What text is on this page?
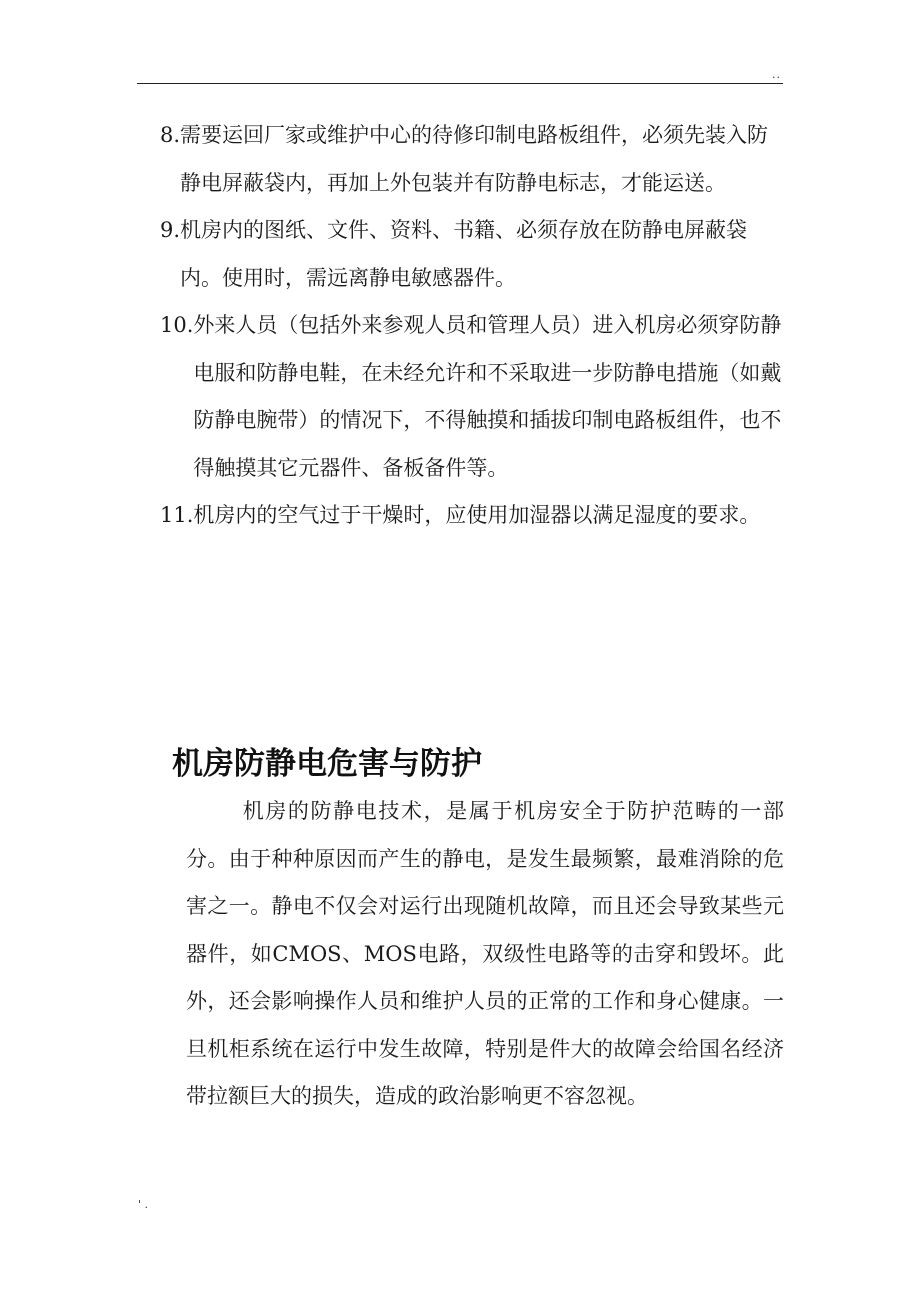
..
8. 需要运回厂家或维护中心的待修印制电路板组件，必须先装入防静电屏蔽袋内，再加上外包装并有防静电标志，才能运送。
9. 机房内的图纸、文件、资料、书籍、必须存放在防静电屏蔽袋内。使用时，需远离静电敏感器件。
10. 外来人员（包括外来参观人员和管理人员）进入机房必须穿防静电服和防静电鞋，在未经允许和不采取进一步防静电措施（如戴防静电腕带）的情况下，不得触摸和插拔印制电路板组件，也不得触摸其它元器件、备板备件等。
11. 机房内的空气过于干燥时，应使用加湿器以满足湿度的要求。
机房防静电危害与防护

机房的防静电技术，是属于机房安全于防护范畴的一部分。由于种种原因而产生的静电，是发生最频繁，最难消除的危害之一。静电不仅会对运行出现随机故障，而且还会导致某些元器件，如CMOS、MOS电路，双级性电路等的击穿和毁坏。此外，还会影响操作人员和维护人员的正常的工作和身心健康。一旦机柜系统在运行中发生故障，特别是件大的故障会给国名经济带拉额巨大的损失，造成的政治影响更不容忽视。

' .
